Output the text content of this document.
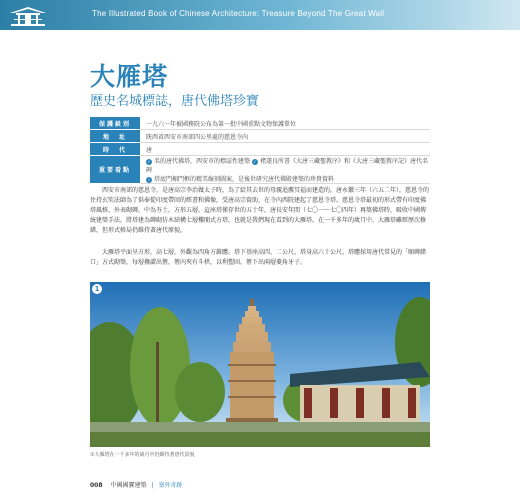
The Illustrated Book of Chinese Architecture: Treasure Beyond The Great Wall
大雁塔
歷史名城標誌，唐代佛塔珍寶
保護級別	一九六一年被國務院公布為第一批中國重點文物保護單位
地　址	陝西省西安市南郊四公里處的慈恩寺內
時　代	唐
重要看點	✓ 名的唐代佛塔，西安市的標誌性建築 ✓ 褚遂良所書《大唐三藏聖教序》和《大唐三藏聖教序記》唐代名碑
✓ 塔底門楣門框的精美線刻圖案，是後世研究唐代佛殿建築的珍貴資料

西安市南郊的慈恩寺，是唐高宗李治做太子時，為了給其去世的母親追薦冥福而建造的。唐永徽三年（六五二年），慈恩寺的住持玄奘法師為了供奉從印度帶回的經書和佛像，受唐高宗資助，在寺內西院建起了慈恩寺塔。慈恩寺塔最初的形式帶有印度佛塔風格，外表砌磚，中為夯土，方形五層。這座塔僅存世的五十年，唐長安年間（七〇一～七〇四年）再築佛塔時，吸收中國傳統建築手法，將塔建為磚砌仿木結構七層樓閣式方塔，也就是我們現在看到的大雁塔。在一千多年的歲月中，大雁塔雖經歷次修繕，但形式格局仍維持著唐代原貌。

大雁塔平面呈方形，高七層，外觀為四角方錐體。塔下基座高四、二公尺，塔身高六十公尺。塔體採用唐代常見的「順磚錯口」方式砌築，每層疊澀出簷，簷內夾有斗栱，以利塑固。簷下出兩層菱角牙子，

1
①大雁塔在一千多年的歲月中仍維持著唐代原貌
008 中國國寶建築 | 塞外奇跡
